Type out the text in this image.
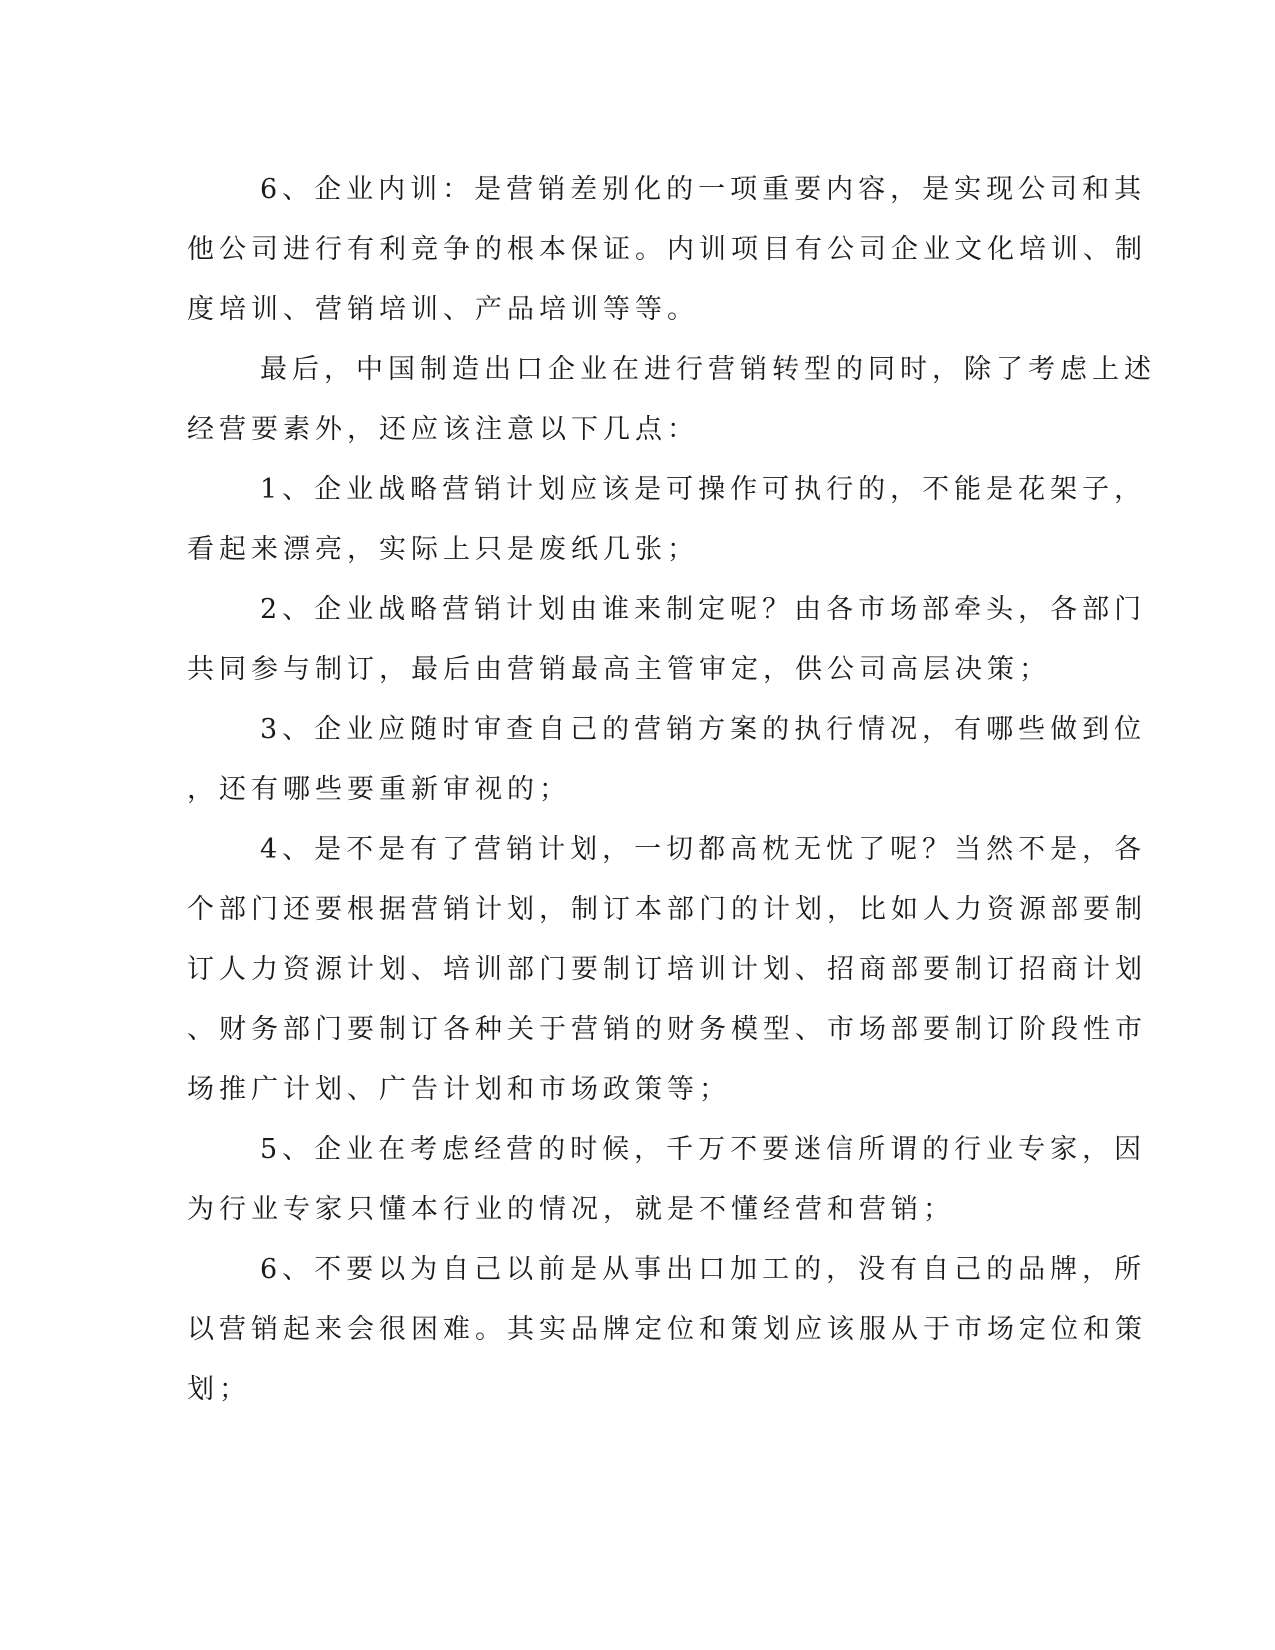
6、企业内训：是营销差别化的一项重要内容，是实现公司和其
他公司进行有利竞争的根本保证。内训项目有公司企业文化培训、制
度培训、营销培训、产品培训等等。

最后，中国制造出口企业在进行营销转型的同时，除了考虑上述
经营要素外，还应该注意以下几点：

1、企业战略营销计划应该是可操作可执行的，不能是花架子，
看起来漂亮，实际上只是废纸几张；

2、企业战略营销计划由谁来制定呢？由各市场部牵头，各部门
共同参与制订，最后由营销最高主管审定，供公司高层决策；

3、企业应随时审查自己的营销方案的执行情况，有哪些做到位
，还有哪些要重新审视的；

4、是不是有了营销计划，一切都高枕无忧了呢？当然不是，各
个部门还要根据营销计划，制订本部门的计划，比如人力资源部要制
订人力资源计划、培训部门要制订培训计划、招商部要制订招商计划
、财务部门要制订各种关于营销的财务模型、市场部要制订阶段性市
场推广计划、广告计划和市场政策等；

5、企业在考虑经营的时候，千万不要迷信所谓的行业专家，因
为行业专家只懂本行业的情况，就是不懂经营和营销；

6、不要以为自己以前是从事出口加工的，没有自己的品牌，所
以营销起来会很困难。其实品牌定位和策划应该服从于市场定位和策
划；
